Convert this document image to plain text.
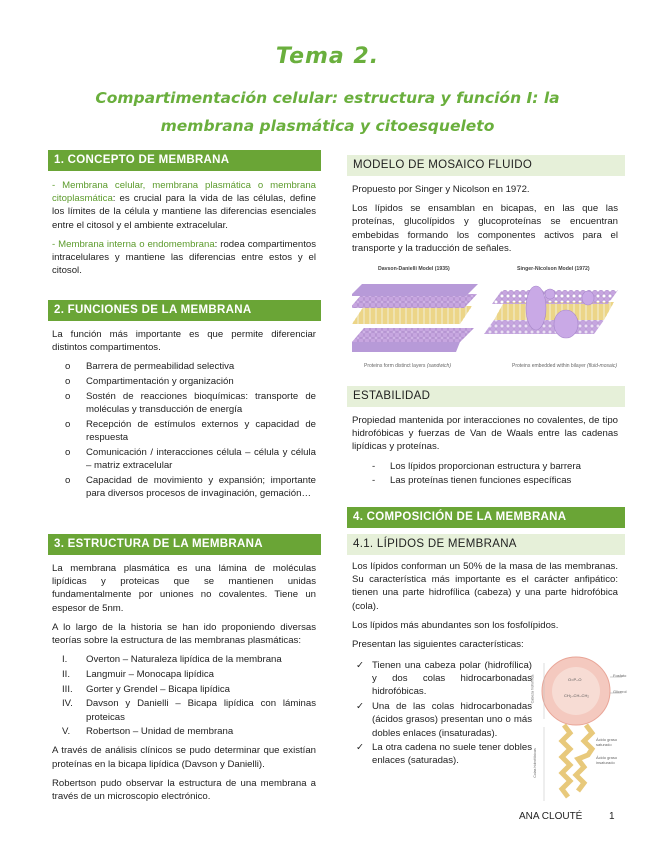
Tema 2.
Compartimentación celular: estructura y función I: la
membrana plasmática y citoesqueleto
1. CONCEPTO DE MEMBRANA

- Membrana celular, membrana plasmática o membrana citoplasmática: es crucial para la vida de las células, define los límites de la célula y mantiene las diferencias esenciales entre el citosol y el ambiente extracelular.

- Membrana interna o endomembrana: rodea compartimentos intracelulares y mantiene las diferencias entre estos y el citosol.

2. FUNCIONES DE LA MEMBRANA

La función más importante es que permite diferenciar distintos compartimentos.

o Barrera de permeabilidad selectiva
o Compartimentación y organización
o Sostén de reacciones bioquímicas: transporte de moléculas y transducción de energía
o Recepción de estímulos externos y capacidad de respuesta
o Comunicación / interacciones célula – célula y célula – matriz extracelular
o Capacidad de movimiento y expansión; importante para diversos procesos de invaginación, gemación…
3. ESTRUCTURA DE LA MEMBRANA

La membrana plasmática es una lámina de moléculas lipídicas y proteicas que se mantienen unidas fundamentalmente por uniones no covalentes. Tiene un espesor de 5nm.

A lo largo de la historia se han ido proponiendo diversas teorías sobre la estructura de las membranas plasmáticas:

I. Overton – Naturaleza lipídica de la membrana
II. Langmuir – Monocapa lipídica
III. Gorter y Grendel – Bicapa lipídica
IV. Davson y Danielli – Bicapa lipídica con láminas proteicas
V. Robertson – Unidad de membrana

A través de análisis clínicos se pudo determinar que existían proteínas en la bicapa lipídica (Davson y Danielli).

Robertson pudo observar la estructura de una membrana a través de un microscopio electrónico.

MODELO DE MOSAICO FLUIDO

Propuesto por Singer y Nicolson en 1972.

Los lípidos se ensamblan en bicapas, en las que las proteínas, glucolípidos y glucoproteínas se encuentran embebidas formando los componentes activos para el transporte y la traducción de señales.

Davson-Danielli Model (1935)	Singer-Nicolson Model (1972)
Proteins form distinct layers (sandwich)	Proteins embedded within bilayer (fluid-mosaic)
ESTABILIDAD

Propiedad mantenida por interacciones no covalentes, de tipo hidrofóbicas y fuerzas de Van de Waals entre las cadenas lipídicas y proteínas.

- Los lípidos proporcionan estructura y barrera
- Las proteínas tienen funciones específicas
4. COMPOSICIÓN DE LA MEMBRANA
4.1. LÍPIDOS DE MEMBRANA

Los lípidos conforman un 50% de la masa de las membranas. Su característica más importante es el carácter anfipático: tienen una parte hidrofílica (cabeza) y una parte hidrofóbica (cola).

Los lípidos más abundantes son los fosfolípidos.

Presentan las siguientes características:

✓ Tienen una cabeza polar (hidrofílica) y dos colas hidrocarbonadas hidrofóbicas.
✓ Una de las colas hidrocarbonadas (ácidos grasos) presentan uno o más dobles enlaces (insaturadas).
✓ La otra cadena no suele tener dobles enlaces (saturadas).
O=P–O
CH₂–CH–CH₂
Fosfato
Glicerol
Ácido graso saturado
Ácido graso insaturado
Cabeza hidrofílica
Colas hidrofóbicas
ANA CLOUTÉ	1
